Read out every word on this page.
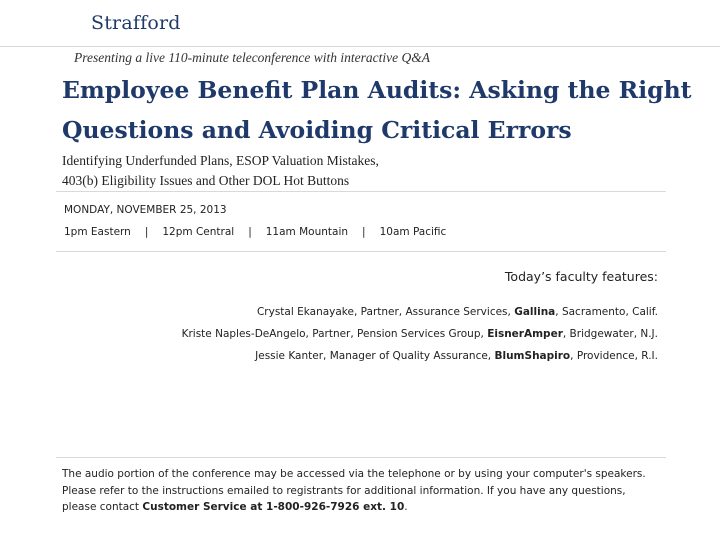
Strafford
Presenting a live 110-minute teleconference with interactive Q&A
Employee Benefit Plan Audits: Asking the Right Questions and Avoiding Critical Errors
Identifying Underfunded Plans, ESOP Valuation Mistakes,
403(b) Eligibility Issues and Other DOL Hot Buttons
MONDAY, NOVEMBER 25, 2013
1pm Eastern | 12pm Central | 11am Mountain | 10am Pacific
Today’s faculty features:
Crystal Ekanayake, Partner, Assurance Services, Gallina, Sacramento, Calif.
Kriste Naples-DeAngelo, Partner, Pension Services Group, EisnerAmper, Bridgewater, N.J.
Jessie Kanter, Manager of Quality Assurance, BlumShapiro, Providence, R.I.
The audio portion of the conference may be accessed via the telephone or by using your computer's speakers.
Please refer to the instructions emailed to registrants for additional information. If you have any questions,
please contact Customer Service at 1-800-926-7926 ext. 10.
